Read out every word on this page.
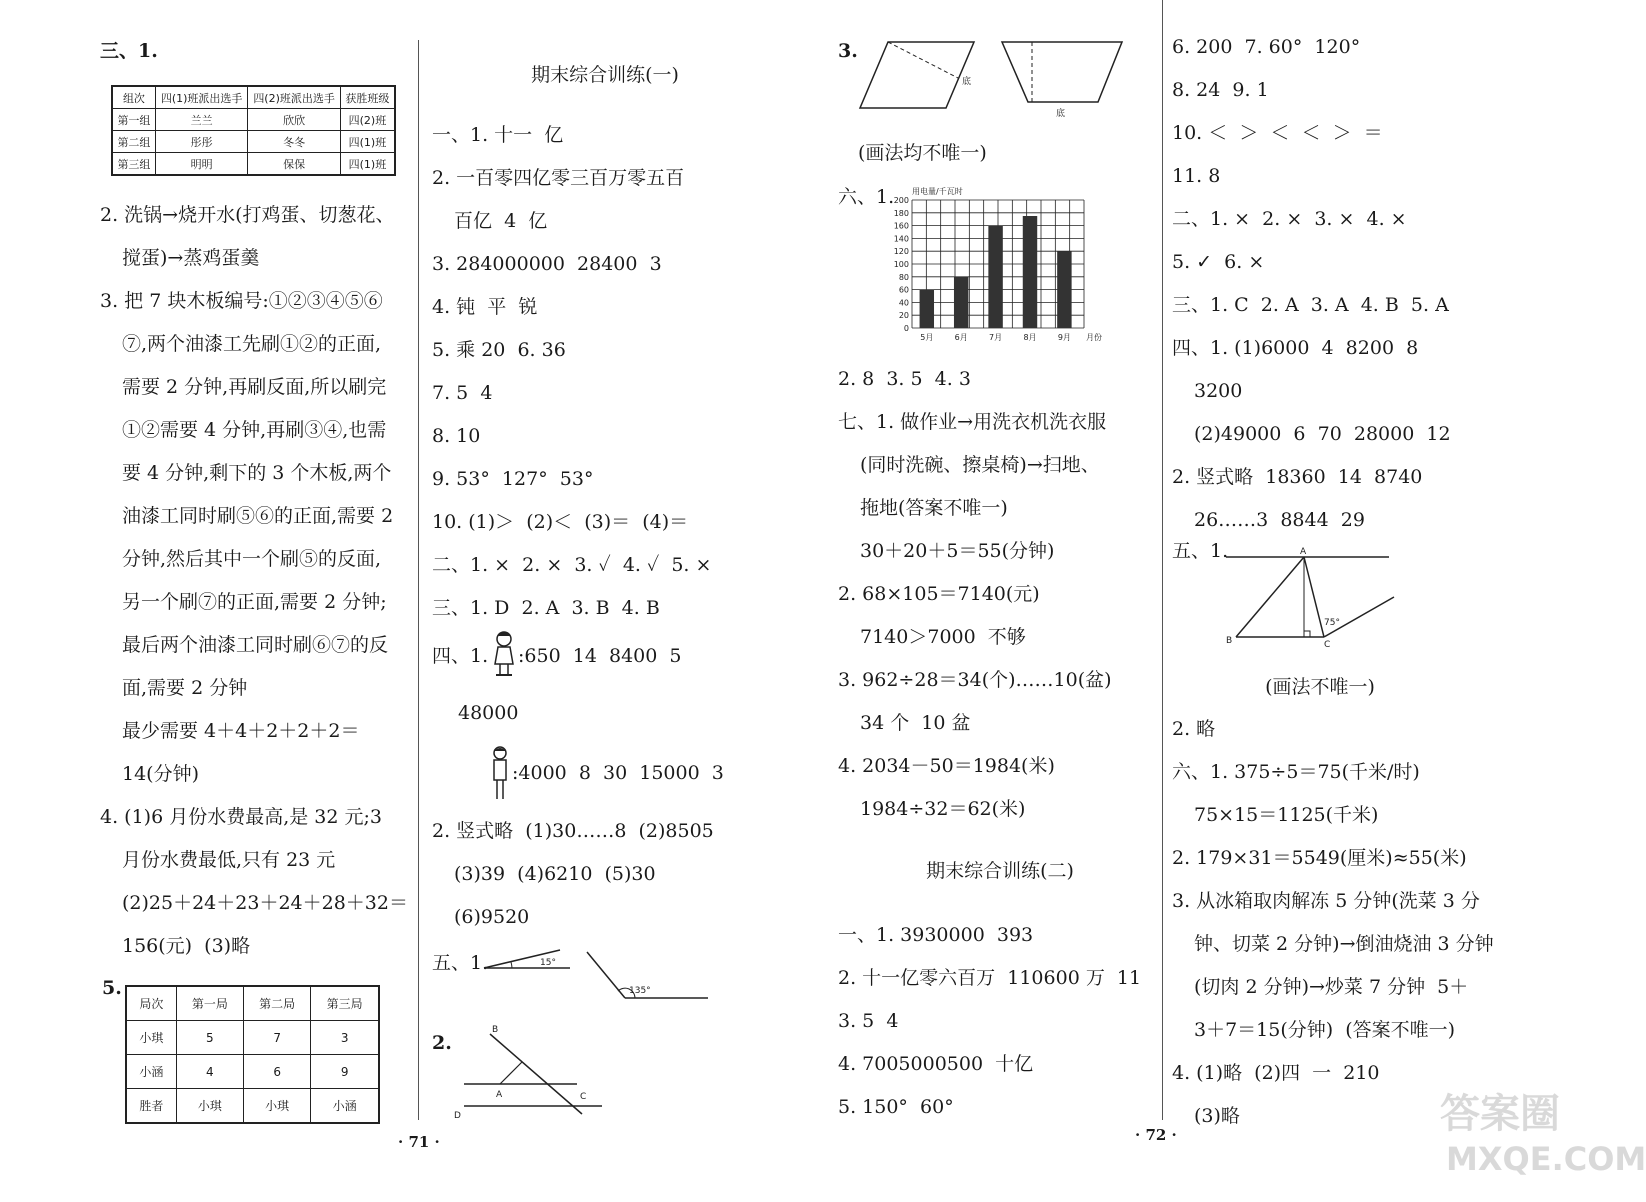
三、1.
组次	四(1)班派出选手	四(2)班派出选手	获胜班级
第一组	兰兰	欣欣	四(2)班
第二组	彤彤	冬冬	四(1)班
第三组	明明	保保	四(1)班
2. 洗锅→烧开水(打鸡蛋、切葱花、
搅蛋)→蒸鸡蛋羹
3. 把 7 块木板编号:①②③④⑤⑥
⑦,两个油漆工先刷①②的正面,
需要 2 分钟,再刷反面,所以刷完
①②需要 4 分钟,再刷③④,也需
要 4 分钟,剩下的 3 个木板,两个
油漆工同时刷⑤⑥的正面,需要 2
分钟,然后其中一个刷⑤的反面,
另一个刷⑦的正面,需要 2 分钟;
最后两个油漆工同时刷⑥⑦的反
面,需要 2 分钟
最少需要 4＋4＋2＋2＋2＝
14(分钟)
4. (1)6 月份水费最高,是 32 元;3
月份水费最低,只有 23 元
(2)25＋24＋23＋24＋28＋32＝
156(元)  (3)略
5.
局次	第一局	第二局	第三局
小琪	5	7	3
小涵	4	6	9
胜者	小琪	小琪	小涵
期末综合训练(一)
一、1. 十一  亿
2. 一百零四亿零三百万零五百
百亿  4  亿
3. 284000000  28400  3
4. 钝  平  锐
5. 乘 20  6. 36
7. 5  4
8. 10
9. 53°  127°  53°
10. (1)＞  (2)＜  (3)＝  (4)＝
二、1. ×  2. ×  3. ✓  4. ✓  5. ×
三、1. D  2. A  3. B  4. B
四、1. :650  14  8400  5
48000
:4000  8  30  15000  3
2. 竖式略  (1)30……8  (2)8505
(3)39  (4)6210  (5)30
(6)9520
五、1.	15°
135°
2.
B
A	C
D
· 71 ·
3.
底
底
(画法均不唯一)
六、1. 200
180
160
140
120
100
80
60
40
20
0
用电量/千瓦时
5月	6月	7月	8月	9月 月份
2. 8  3. 5  4. 3
七、1. 做作业→用洗衣机洗衣服
(同时洗碗、擦桌椅)→扫地、
拖地(答案不唯一)
30＋20＋5＝55(分钟)
2. 68×105＝7140(元)
7140＞7000  不够
3. 962÷28＝34(个)……10(盆)
34 个  10 盆
4. 2034－50＝1984(米)
1984÷32＝62(米)
期末综合训练(二)
一、1. 3930000  393
2. 十一亿零六百万  110600 万  11
3. 5  4
4. 7005000500  十亿
5. 150°  60°
6. 200  7. 60°  120°
8. 24  9. 1
10. ＜  ＞  ＜  ＜  ＞  ＝
11. 8
二、1. ×  2. ×  3. ×  4. ×
5. ✓  6. ×
三、1. C  2. A  3. A  4. B  5. A
四、1. (1)6000  4  8200  8
3200
(2)49000  6  70  28000  12
2. 竖式略  18360  14  8740
26……3  8844  29
五、1.	A
B	C
75°
(画法不唯一)
2. 略
六、1. 375÷5＝75(千米/时)
75×15＝1125(千米)
2. 179×31＝5549(厘米)≈55(米)
3. 从冰箱取肉解冻 5 分钟(洗菜 3 分
钟、切菜 2 分钟)→倒油烧油 3 分钟
(切肉 2 分钟)→炒菜 7 分钟  5＋
3＋7＝15(分钟)  (答案不唯一)
4. (1)略  (2)四  一  210
(3)略
· 72 ·	答案圈
MXQE.COM
